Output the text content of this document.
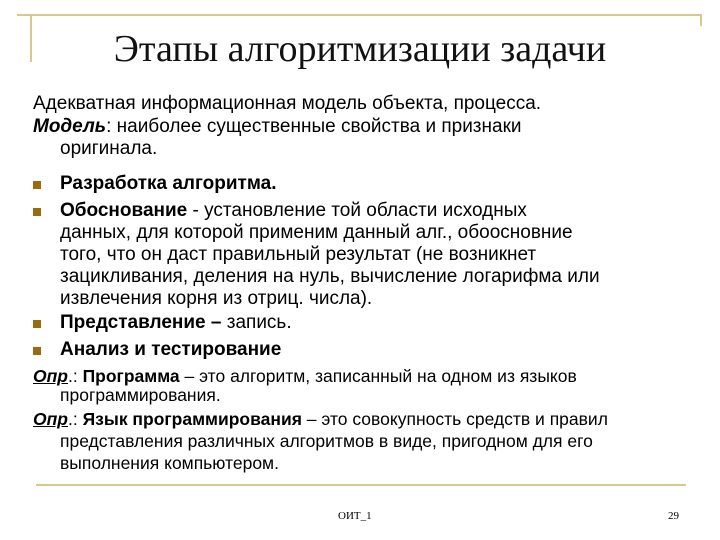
Этапы алгоритмизации задачи
Адекватная информационная модель объекта, процесса.
Модель: наиболее существенные свойства и признаки
оригинала.
Разработка алгоритма.
Обоснование - установление той области исходных
данных, для которой применим данный алг., обоосновние
того, что он даст правильный результат (не возникнет
зацикливания, деления на нуль, вычисление логарифма или
извлечения корня из отриц. числа).
Представление – запись.
Анализ и тестирование
Опр.: Программа – это алгоритм, записанный на одном из языков
программирования.
Опр.: Язык программирования – это совокупность средств и правил
представления различных алгоритмов в виде, пригодном для его
выполнения компьютером.
ОИТ_1	29
